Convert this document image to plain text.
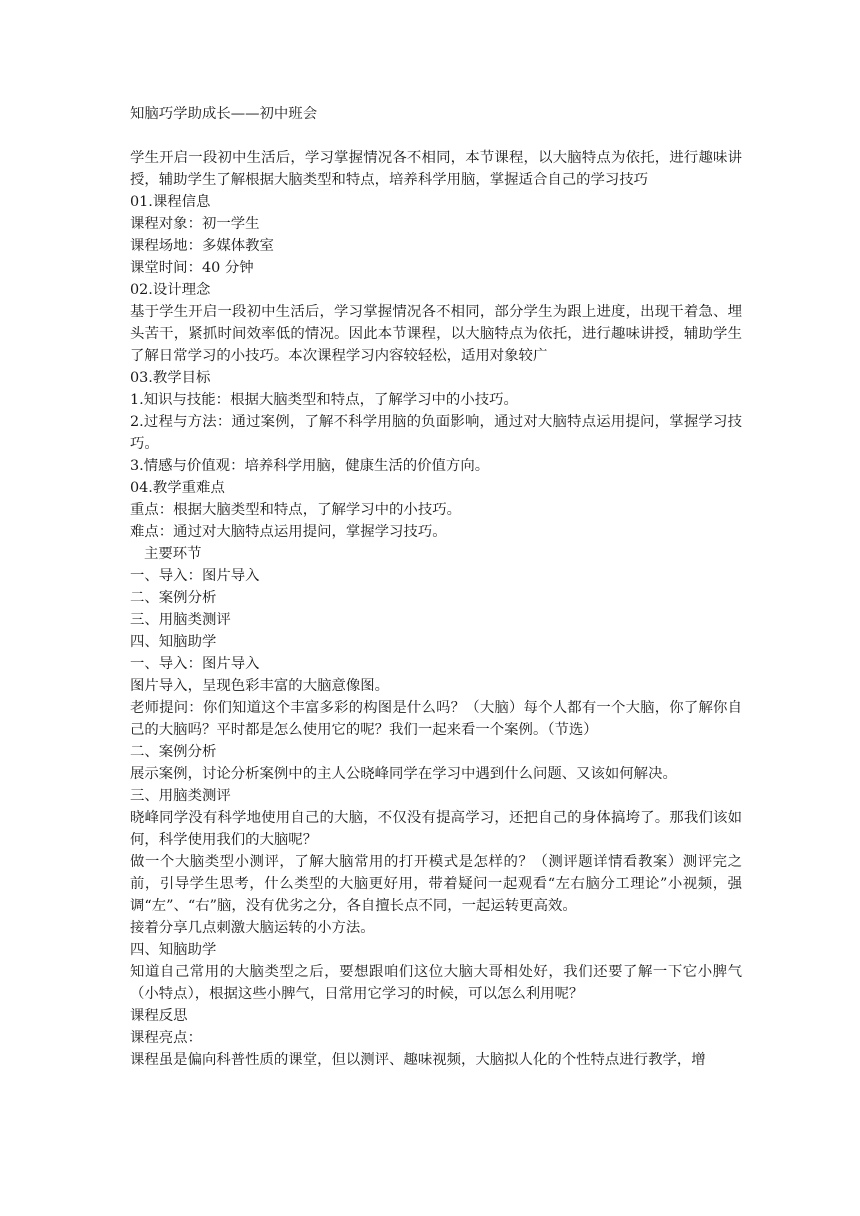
知脑巧学助成长——初中班会

学生开启一段初中生活后，学习掌握情况各不相同，本节课程，以大脑特点为依托，进行趣味讲授，辅助学生了解根据大脑类型和特点，培养科学用脑，掌握适合自己的学习技巧

01.课程信息

课程对象：初一学生

课程场地：多媒体教室

课堂时间：40 分钟

02.设计理念

基于学生开启一段初中生活后，学习掌握情况各不相同，部分学生为跟上进度，出现干着急、埋头苦干，紧抓时间效率低的情况。因此本节课程，以大脑特点为依托，进行趣味讲授，辅助学生了解日常学习的小技巧。本次课程学习内容较轻松，适用对象较广

03.教学目标

1.知识与技能：根据大脑类型和特点，了解学习中的小技巧。

2.过程与方法：通过案例，了解不科学用脑的负面影响，通过对大脑特点运用提问，掌握学习技巧。

3.情感与价值观：培养科学用脑，健康生活的价值方向。

04.教学重难点

重点：根据大脑类型和特点，了解学习中的小技巧。

难点：通过对大脑特点运用提问，掌握学习技巧。

主要环节

一、导入：图片导入

二、案例分析

三、用脑类测评

四、知脑助学

一、导入：图片导入

图片导入，呈现色彩丰富的大脑意像图。

老师提问：你们知道这个丰富多彩的构图是什么吗？（大脑）每个人都有一个大脑，你了解你自己的大脑吗？平时都是怎么使用它的呢？我们一起来看一个案例。（节选）

二、案例分析

展示案例，讨论分析案例中的主人公晓峰同学在学习中遇到什么问题、又该如何解决。

三、用脑类测评

晓峰同学没有科学地使用自己的大脑，不仅没有提高学习，还把自己的身体搞垮了。那我们该如何，科学使用我们的大脑呢？

做一个大脑类型小测评，了解大脑常用的打开模式是怎样的？（测评题详情看教案）测评完之前，引导学生思考，什么类型的大脑更好用，带着疑问一起观看“左右脑分工理论”小视频，强调“左”、“右”脑，没有优劣之分，各自擅长点不同，一起运转更高效。

接着分享几点刺激大脑运转的小方法。

四、知脑助学

知道自己常用的大脑类型之后，要想跟咱们这位大脑大哥相处好，我们还要了解一下它小脾气（小特点），根据这些小脾气，日常用它学习的时候，可以怎么利用呢？

课程反思

课程亮点：

课程虽是偏向科普性质的课堂，但以测评、趣味视频，大脑拟人化的个性特点进行教学，增
